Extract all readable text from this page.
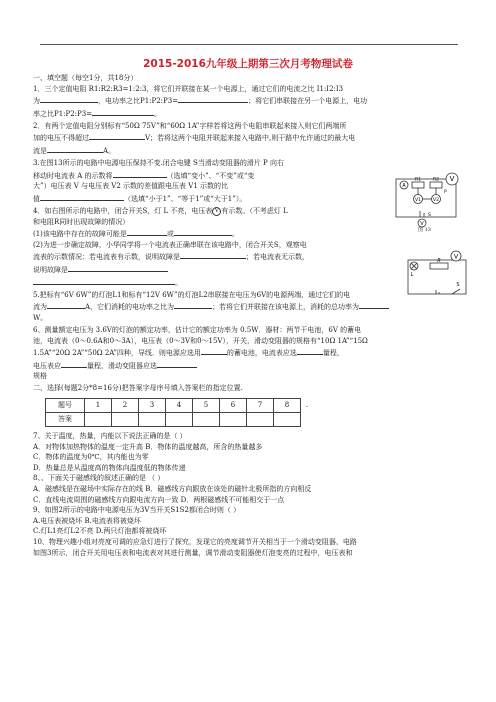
2015-2016九年级上期第三次月考物理试卷

一、填空题（每空1分，共18分）

1．三个定值电阻 R1:R2:R3=1:2:3，将它们并联接在某一个电源上，通过它们的电流之比 I1:I2:I3

为	，电功率之比P1:P2:P3=	；将它们串联接在另一个电源上，电功

率之比P1:P2:P3=	。

2．有两个定值电阻分别标有“50Ω 75V”和“60Ω 1A”字样若将这两个电阻串联起来接入则它们两端所

加的电压不得超过	V；若将这两个电阻并联起来接入电路中,则干路中允许通过的最大电

流是	A。

3.在图13所示的电路中电源电压保持不变.闭合电键 S当滑动变阻器的滑片 P 向右

移动时电流表 A 的示数将	（选填“变小”、“不变”或“变

大”）电压表 V 与电压表 V2 示数的差值跟电压表 V1 示数的比

值	（选填“小于1”、“等于1”或“大于1”）。

4．如右图所示的电路中，闭合开关S，灯 L 不亮，电压表 V 有示数。（不考虑灯 L

和电阻R同时出现故障的情况）

(1)该电路中存在的故障可能是	或	。

(2)为进一步确定故障，小华同学将一个电流表正确串联在该电路中，闭合开关S，观察电

流表的示数情况：若电流表有示数，说明故障是	；若电流表无示数，

说明故障是

。

5.把标有“6V 6W”的灯泡L1和标有“12V 6W”的灯泡L2串联接在电压为6V的电源两端，通过它们的电

流为	A，它们消耗的电功率之比为	；若将它们并联接在该电源上，消耗的总功率为

W。

6、测量额定电压为 3.6V的灯泡的额定功率，估计它的额定功率为 0.5W．器材：两节干电池，6V 的蓄电

池，电流表（0～0.6A和0～3A），电压表（0～3V和0～15V），开关，滑动变阻器的规格有“10Ω 1A”“15Ω

1.5A”“20Ω 2A”“50Ω 2A”四种，导线．则电源应选用	的蓄电池，电流表应选	量程，

电压表应	量程，滑动变阻器应选

规格

二、选择(每题2分*8=16分)把答案字母序号填入答案栏的指定位置.

题号	1	2	3	4	5	6	7	8	.
答案									

7、关于温度，热量，内能以下说法正确的是（ ）

A．对物体加热物体的温度一定升高 B．物体的温度越高，所含的热量越多

C．物体的温度为0℃，其内能也为零

D．热量总是从温度高的物体向温度低的物体传递

8、、下面关于磁感线的叙述正确的是 （ ）

A．磁感线是在磁场中实际存在的线 B．磁感线方向跟放在该处的磁针北极所指的方向相反

C．直线电流周围的磁感线方向跟电流方向一致 D．两根磁感线不可能相交于一点

9、如图2所示的电路中电源电压为3V当开关S1S2都闭合时则（ ）

A.电压表被烧坏 B.电流表将被烧坏

C.灯L1亮灯L2不亮 D.两只灯泡都将被烧坏

10、物理兴趣小组对亮度可调的应急灯进行了探究，发现它的亮度调节开关相当于一个滑动变阻器，电路

如图3所示，闭合开关用电压表和电流表对其进行测量，调节滑动变阻器使灯泡变亮的过程中，电压表和

V
A
R1	R2
V1	V2
V
S
P
图 13
V
L
R
S
